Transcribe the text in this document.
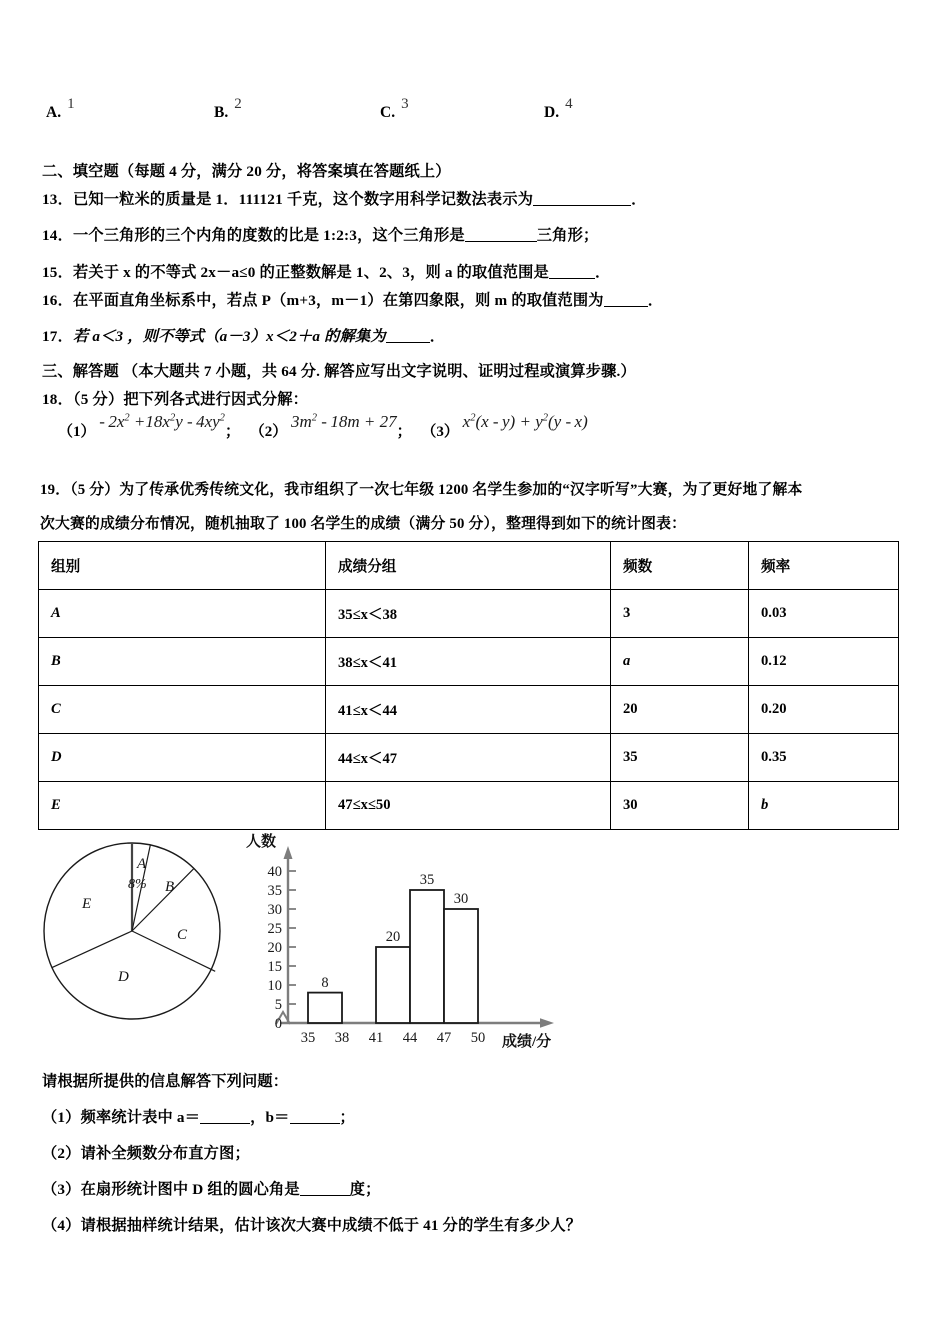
A. 1	B. 2	C. 3	D. 4
二、填空题（每题 4 分，满分 20 分，将答案填在答题纸上）
13．已知一粒米的质量是 1．111121 千克，这个数字用科学记数法表示为	．
14．一个三角形的三个内角的度数的比是 1:2:3，这个三角形是	三角形；
15．若关于 x 的不等式 2x－a≤0 的正整数解是 1、2、3，则 a 的取值范围是	．
16．在平面直角坐标系中，若点 P（m+3，m－1）在第四象限，则 m 的取值范围为	．
17．若 a＜3 ，则不等式（a－3）x＜2＋a 的解集为	．
三、解答题 （本大题共 7 小题，共 64 分. 解答应写出文字说明、证明过程或演算步骤.）
18．（5 分）把下列各式进行因式分解：
$(1) - 2x^2 +18x^2y - 4xy^2$； （2） $3m^2 - 18m + 27$； （3） $x^2(x - y) + y^2(y - x)$
19．（5 分）为了传承优秀传统文化，我市组织了一次七年级 1200 名学生参加的“汉字听写”大赛，为了更好地了解本
次大赛的成绩分布情况，随机抽取了 100 名学生的成绩（满分 50 分），整理得到如下的统计图表：
组别	成绩分组	频数	频率
A	35≤x＜38	3	0.03
B	38≤x＜41	a	0.12
C	41≤x＜44	20	0.20
D	44≤x＜47	35	0.35
E	47≤x≤50	30	b
A
8% B
C
D
E
人数
0
5
10
15
20
25
30
35
40
8
20
35
30
35 38 41 44 47 50 成绩/分
请根据所提供的信息解答下列问题：
（1）频率统计表中 a＝	，b＝	；
（2）请补全频数分布直方图；
（3）在扇形统计图中 D 组的圆心角是	度；
（4）请根据抽样统计结果，估计该次大赛中成绩不低于 41 分的学生有多少人？
